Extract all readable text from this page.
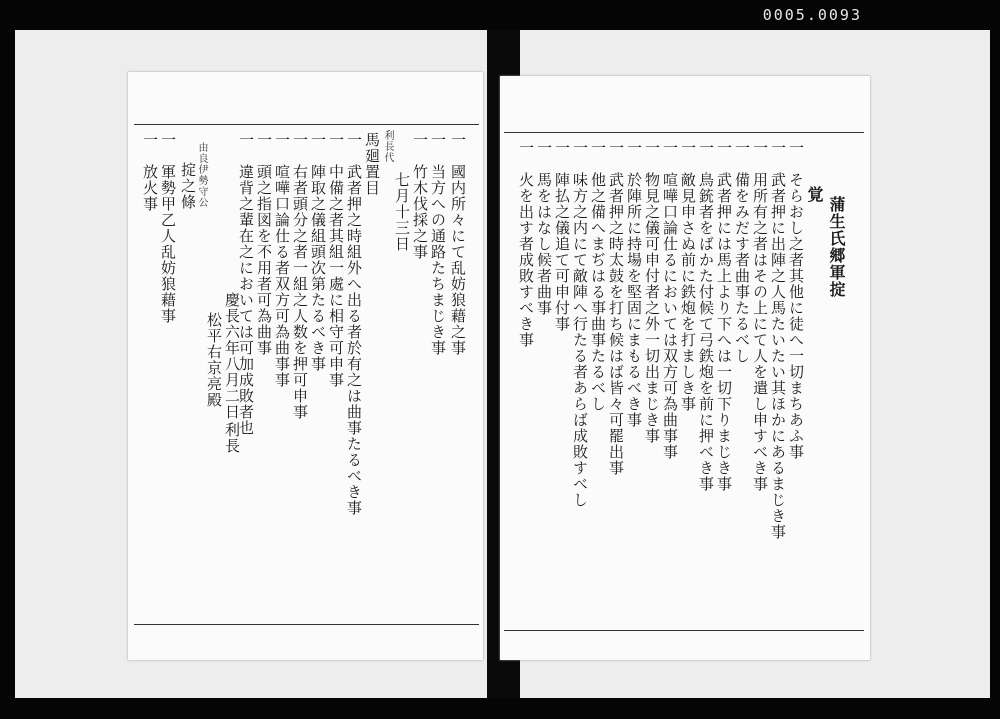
0005.0093
一　國内所々にて乱妨狼藉之事
一　当方への通路たちまじき事
一　竹木伐採之事
七月十三日
利長代
馬廻置目
一　武者押之時組外へ出る者於有之は曲事たるべき事
一　中備之者其組一處に相守可申事
一　陣取之儀組頭次第たるべき事
一　右者頭分之者一組之人数を押可申事
一　喧嘩口論仕る者双方可為曲事事
一　頭之指図を不用者可為曲事
一　違背之輩在之においては可加成敗者也
慶長六年八月二日
利長
松平右京亮殿
由良伊勢守公
掟之條
一　軍勢甲乙人乱妨狼藉事
一　放火事
蒲生氏郷軍掟
覚
一　そらおし之者其他に徒へ一切まちあふ事
一　武者押に出陣之人馬たいたい其ほかにあるまじき事
一　用所有之者はその上にて人を遣し申すべき事
一　備をみだす者曲事たるべし
一　武者押には馬上より下へは一切下りまじき事
一　鳥銃者をばかた付候て弓鉄炮を前に押べき事
一　敵見申さぬ前に鉄炮を打ましき事
一　喧嘩口論仕るにおいては双方可為曲事事
一　物見之儀可申付者之外一切出まじき事
一　於陣所に持場を堅固にまもるべき事
一　武者押之時太鼓を打ち候はば皆々可罷出事
一　他之備へまぢはる事曲事たるべし
一　味方之内にて敵陣へ行たる者あらば成敗すべし
一　陣払之儀追て可申付事
一　馬をはなし候者曲事
一　火を出す者成敗すべき事
